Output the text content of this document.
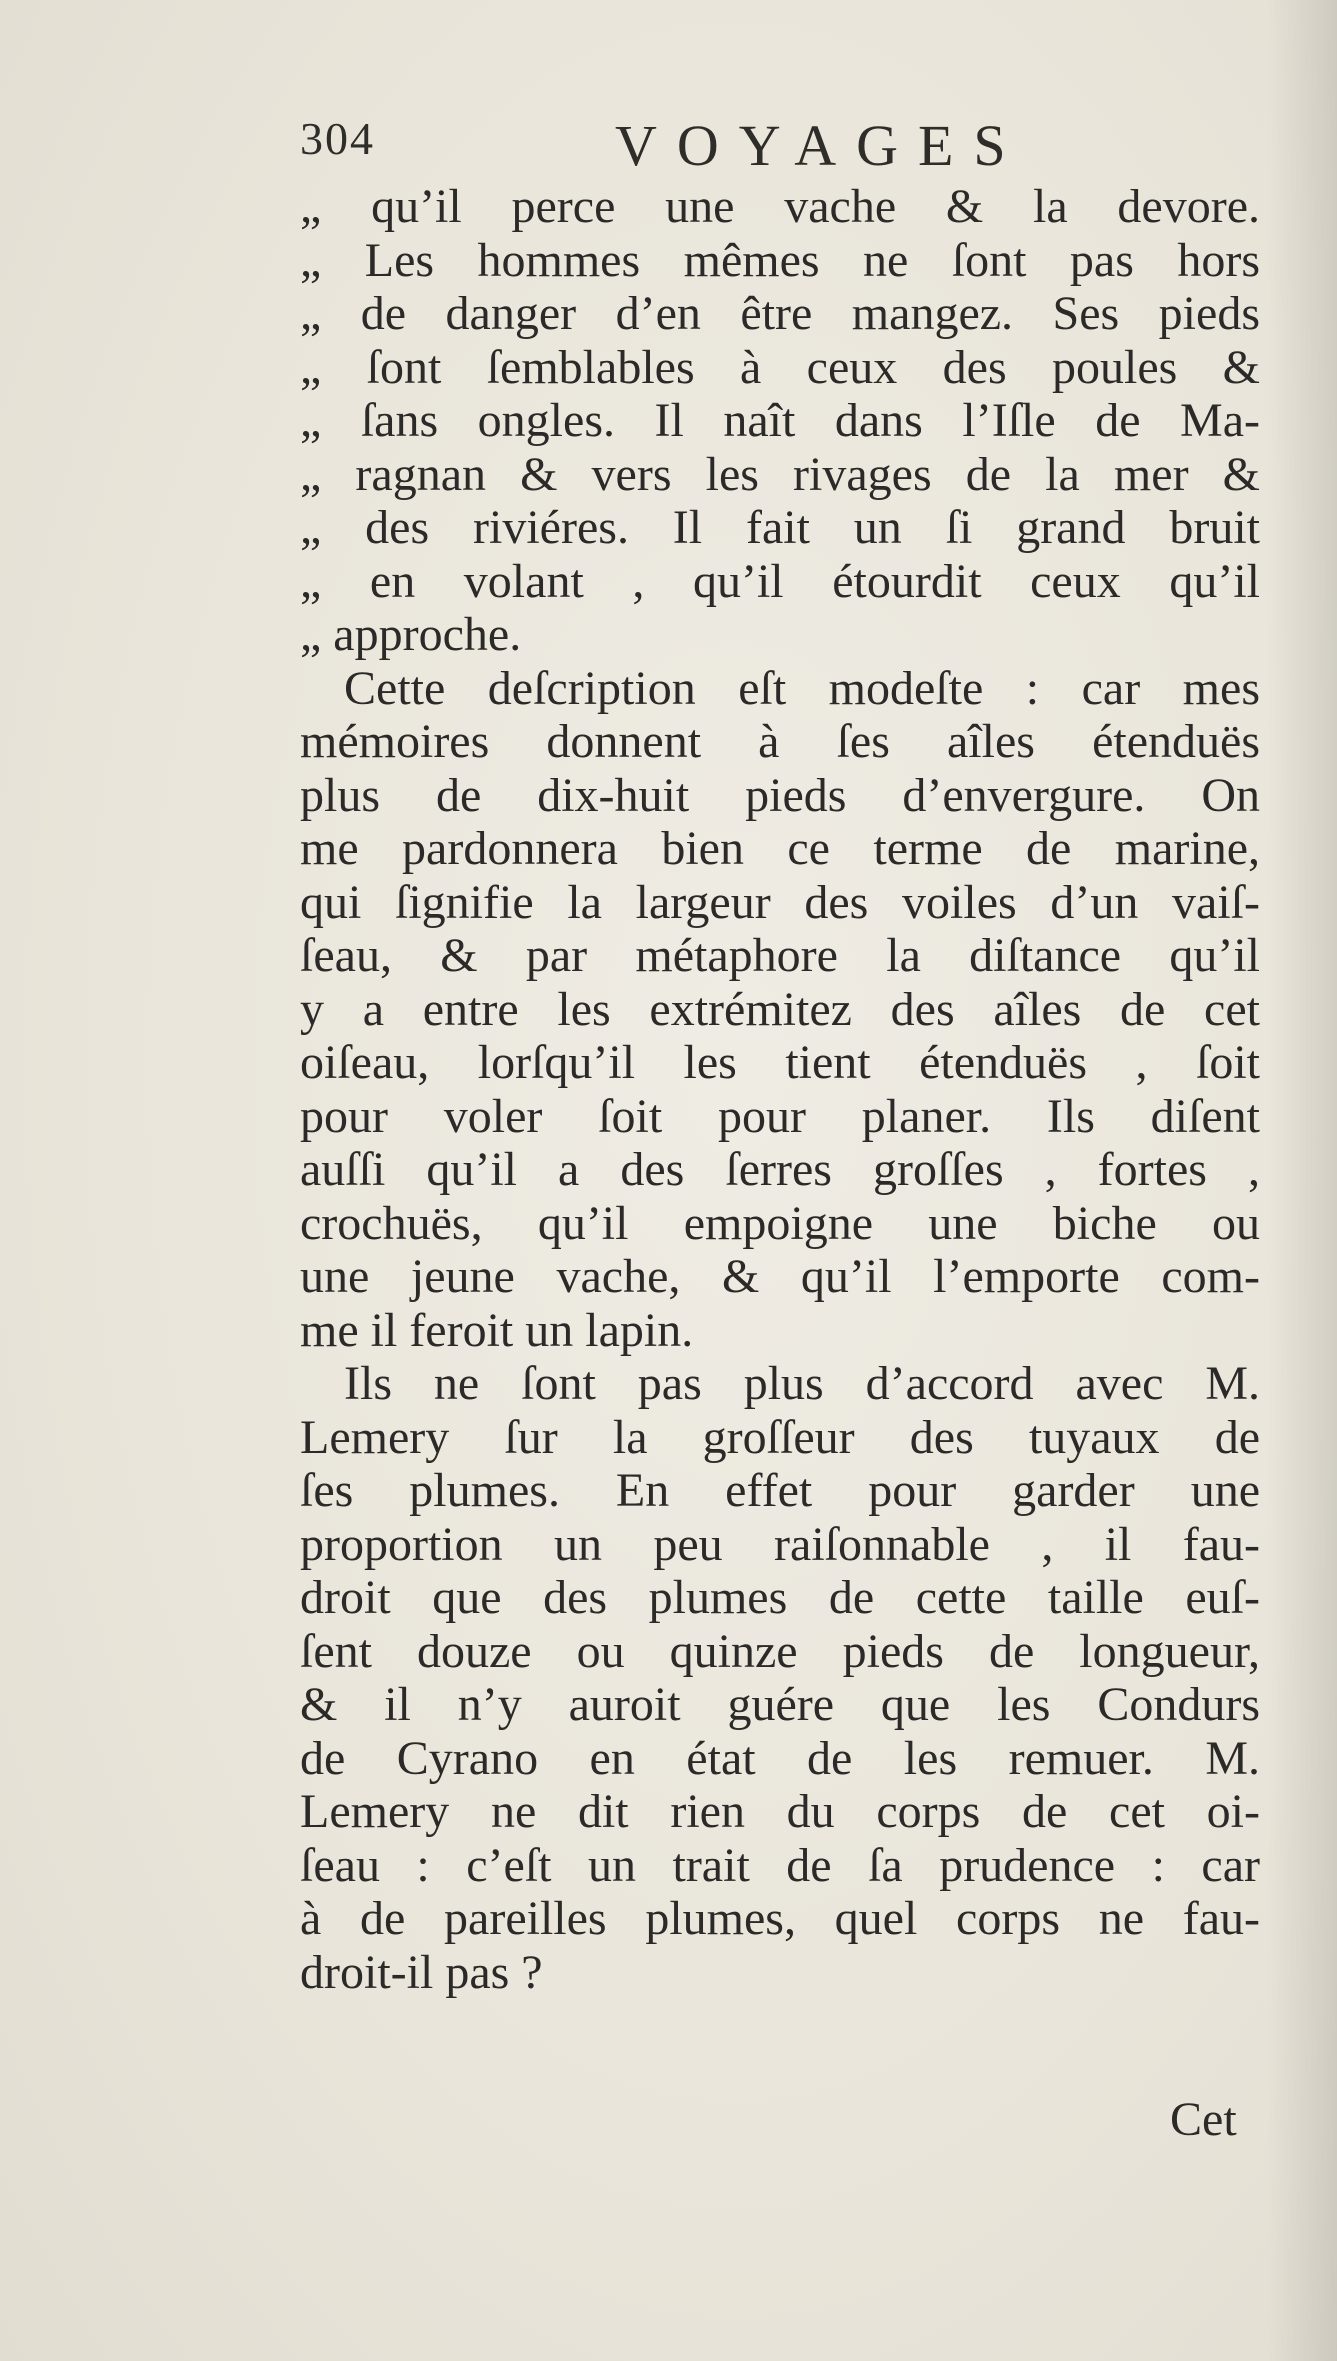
304	VOYAGES
„ qu’il perce une vache & la devore.
„ Les hommes mêmes ne ſont pas hors
„ de danger d’en être mangez. Ses pieds
„ ſont ſemblables à ceux des poules &
„ ſans ongles. Il naît dans l’Iſle de Ma-
„ ragnan & vers les rivages de la mer &
„ des riviéres. Il fait un ſi grand bruit
„ en volant , qu’il étourdit ceux qu’il
„ approche.
Cette deſcription eſt modeſte : car mes
mémoires donnent à ſes aîles étenduës
plus de dix-huit pieds d’envergure. On
me pardonnera bien ce terme de marine,
qui ſignifie la largeur des voiles d’un vaiſ-
ſeau, & par métaphore la diſtance qu’il
y a entre les extrémitez des aîles de cet
oiſeau, lorſqu’il les tient étenduës , ſoit
pour voler ſoit pour planer. Ils diſent
auſſi qu’il a des ſerres groſſes , fortes ,
crochuës, qu’il empoigne une biche ou
une jeune vache, & qu’il l’emporte com-
me il feroit un lapin.
Ils ne ſont pas plus d’accord avec M.
Lemery ſur la groſſeur des tuyaux de
ſes plumes. En effet pour garder une
proportion un peu raiſonnable , il fau-
droit que des plumes de cette taille euſ-
ſent douze ou quinze pieds de longueur,
& il n’y auroit guére que les Condurs
de Cyrano en état de les remuer. M.
Lemery ne dit rien du corps de cet oi-
ſeau : c’eſt un trait de ſa prudence : car
à de pareilles plumes, quel corps ne fau-
droit-il pas ?
Cet
